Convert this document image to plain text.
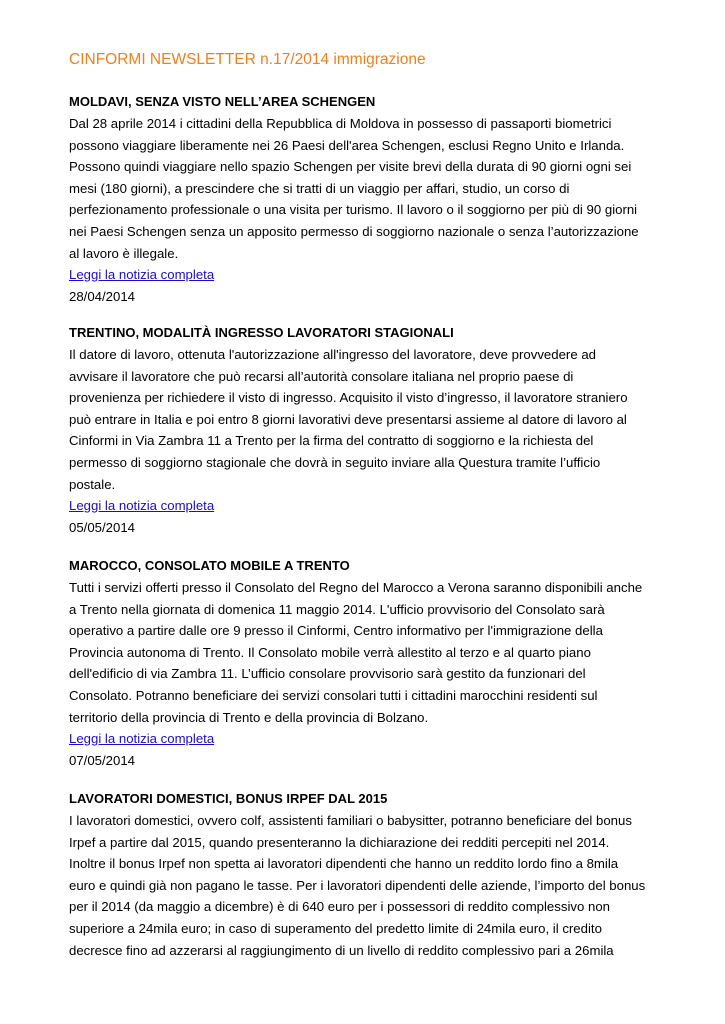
CINFORMI NEWSLETTER n.17/2014 immigrazione
MOLDAVI, SENZA VISTO NELL’AREA SCHENGEN
Dal 28 aprile 2014 i cittadini della Repubblica di Moldova in possesso di passaporti biometrici
possono viaggiare liberamente nei 26 Paesi dell'area Schengen, esclusi Regno Unito e Irlanda.
Possono quindi viaggiare nello spazio Schengen per visite brevi della durata di 90 giorni ogni sei
mesi (180 giorni), a prescindere che si tratti di un viaggio per affari, studio, un corso di
perfezionamento professionale o una visita per turismo. Il lavoro o il soggiorno per più di 90 giorni
nei Paesi Schengen senza un apposito permesso di soggiorno nazionale o senza l’autorizzazione
al lavoro è illegale.
Leggi la notizia completa
28/04/2014
TRENTINO, MODALITÀ INGRESSO LAVORATORI STAGIONALI
Il datore di lavoro, ottenuta l'autorizzazione all'ingresso del lavoratore, deve provvedere ad
avvisare il lavoratore che può recarsi all’autorità consolare italiana nel proprio paese di
provenienza per richiedere il visto di ingresso. Acquisito il visto d’ingresso, il lavoratore straniero
può entrare in Italia e poi entro 8 giorni lavorativi deve presentarsi assieme al datore di lavoro al
Cinformi in Via Zambra 11 a Trento per la firma del contratto di soggiorno e la richiesta del
permesso di soggiorno stagionale che dovrà in seguito inviare alla Questura tramite l’ufficio
postale.
Leggi la notizia completa
05/05/2014
MAROCCO, CONSOLATO MOBILE A TRENTO
Tutti i servizi offerti presso il Consolato del Regno del Marocco a Verona saranno disponibili anche
a Trento nella giornata di domenica 11 maggio 2014. L'ufficio provvisorio del Consolato sarà
operativo a partire dalle ore 9 presso il Cinformi, Centro informativo per l'immigrazione della
Provincia autonoma di Trento. Il Consolato mobile verrà allestito al terzo e al quarto piano
dell'edificio di via Zambra 11. L’ufficio consolare provvisorio sarà gestito da funzionari del
Consolato. Potranno beneficiare dei servizi consolari tutti i cittadini marocchini residenti sul
territorio della provincia di Trento e della provincia di Bolzano.
Leggi la notizia completa
07/05/2014
LAVORATORI DOMESTICI, BONUS IRPEF DAL 2015
I lavoratori domestici, ovvero colf, assistenti familiari o babysitter, potranno beneficiare del bonus
Irpef a partire dal 2015, quando presenteranno la dichiarazione dei redditi percepiti nel 2014.
Inoltre il bonus Irpef non spetta ai lavoratori dipendenti che hanno un reddito lordo fino a 8mila
euro e quindi già non pagano le tasse. Per i lavoratori dipendenti delle aziende, l’importo del bonus
per il 2014 (da maggio a dicembre) è di 640 euro per i possessori di reddito complessivo non
superiore a 24mila euro; in caso di superamento del predetto limite di 24mila euro, il credito
decresce fino ad azzerarsi al raggiungimento di un livello di reddito complessivo pari a 26mila
